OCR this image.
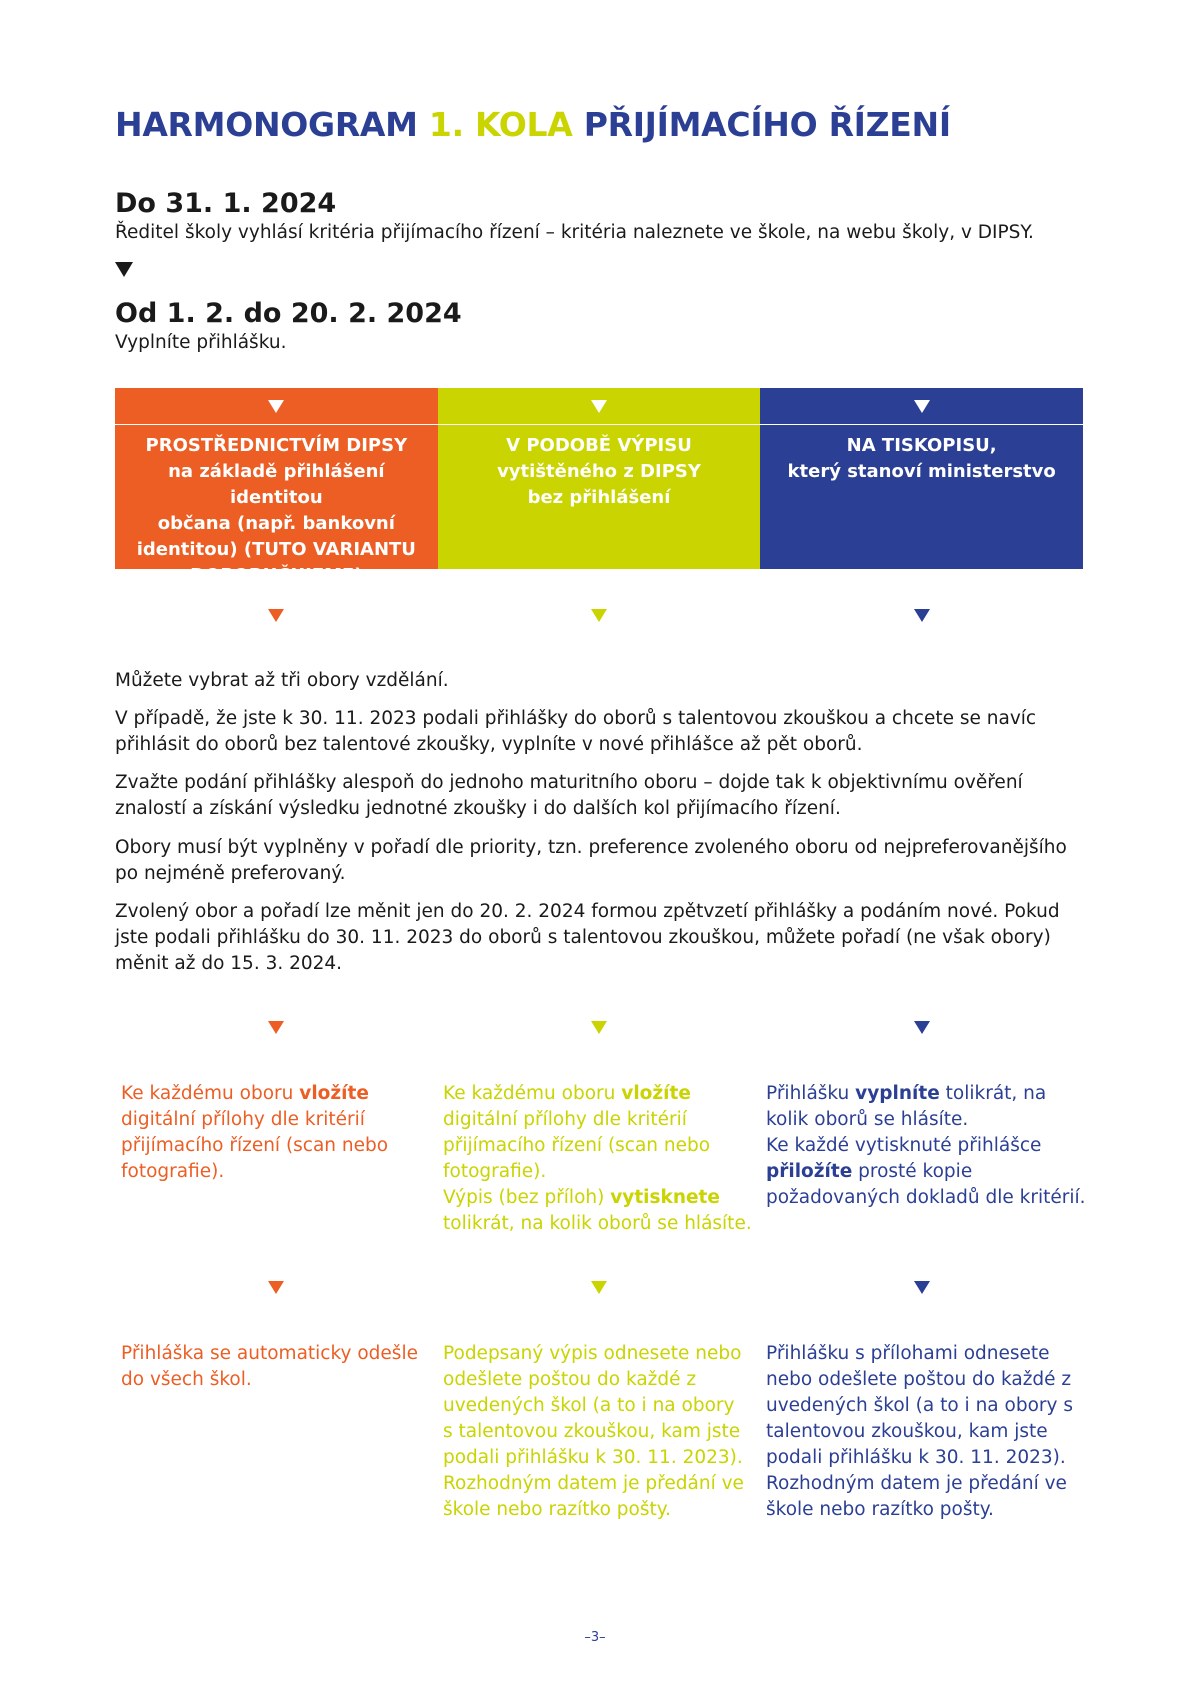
HARMONOGRAM 1. KOLA PŘIJÍMACÍHO ŘÍZENÍ
Do 31. 1. 2024
Ředitel školy vyhlásí kritéria přijímacího řízení – kritéria naleznete ve škole, na webu školy, v DIPSY.
Od 1. 2. do 20. 2. 2024
Vyplníte přihlášku.
PROSTŘEDNICTVÍM DIPSY
na základě přihlášení identitou
občana (např. bankovní
identitou) (TUTO VARIANTU
DOPORUČUJEME)
V PODOBĚ VÝPISU
vytištěného z DIPSY
bez přihlášení
NA TISKOPISU,
který stanoví ministerstvo
Můžete vybrat až tři obory vzdělání.
V případě, že jste k 30. 11. 2023 podali přihlášky do oborů s talentovou zkouškou a chcete se navíc přihlásit do oborů bez talentové zkoušky, vyplníte v nové přihlášce až pět oborů.
Zvažte podání přihlášky alespoň do jednoho maturitního oboru – dojde tak k objektivnímu ověření znalostí a získání výsledku jednotné zkoušky i do dalších kol přijímacího řízení.
Obory musí být vyplněny v pořadí dle priority, tzn. preference zvoleného oboru od nejpreferovanějšího po nejméně preferovaný.
Zvolený obor a pořadí lze měnit jen do 20. 2. 2024 formou zpětvzetí přihlášky a podáním nové. Pokud jste podali přihlášku do 30. 11. 2023 do oborů s talentovou zkouškou, můžete pořadí (ne však obory) měnit až do 15. 3. 2024.
Ke každému oboru vložíte digitální přílohy dle kritérií přijímacího řízení (scan nebo fotografie).
Ke každému oboru vložíte digitální přílohy dle kritérií přijímacího řízení (scan nebo fotografie).
Výpis (bez příloh) vytisknete tolikrát, na kolik oborů se hlásíte.
Přihlášku vyplníte tolikrát, na kolik oborů se hlásíte.
Ke každé vytisknuté přihlášce přiložíte prosté kopie požadovaných dokladů dle kritérií.
Přihláška se automaticky odešle do všech škol.
Podepsaný výpis odnesete nebo odešlete poštou do každé z uvedených škol (a to i na obory s talentovou zkouškou, kam jste podali přihlášku k 30. 11. 2023). Rozhodným datem je předání ve škole nebo razítko pošty.
Přihlášku s přílohami odnesete nebo odešlete poštou do každé z uvedených škol (a to i na obory s talentovou zkouškou, kam jste podali přihlášku k 30. 11. 2023). Rozhodným datem je předání ve škole nebo razítko pošty.
–3–
